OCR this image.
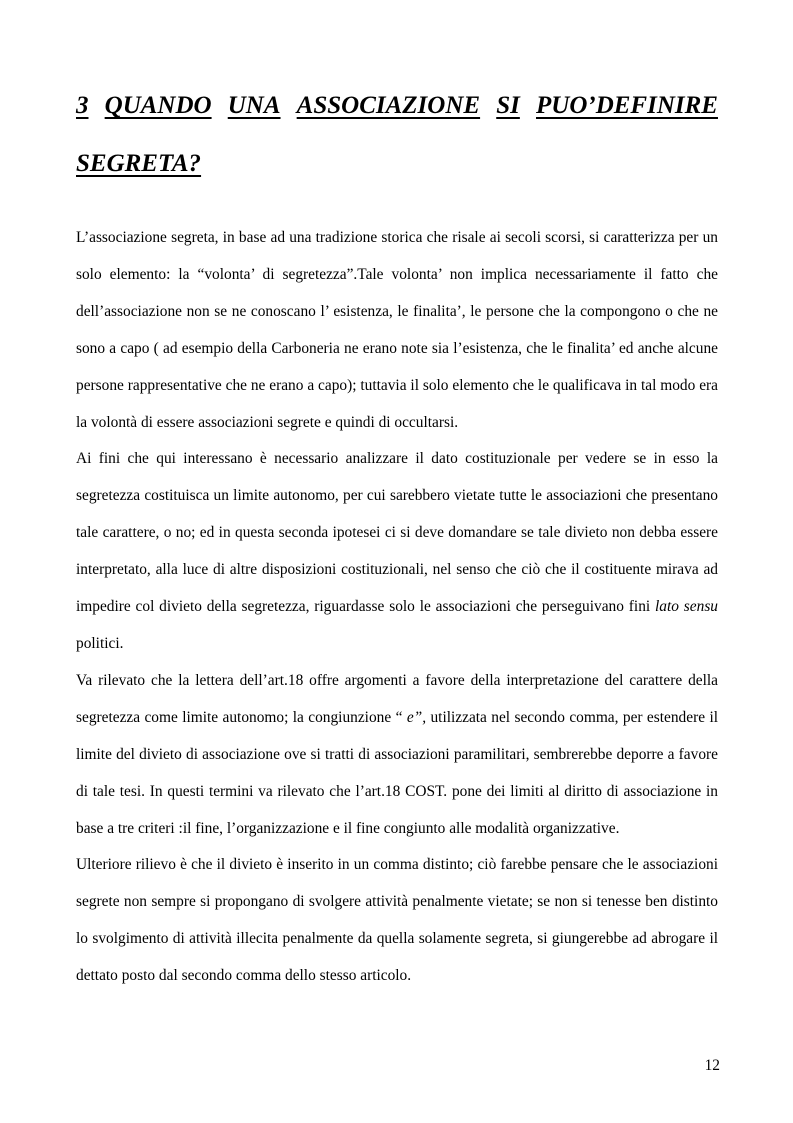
3 QUANDO UNA ASSOCIAZIONE SI PUO’DEFINIRE
SEGRETA?

L’associazione segreta, in base ad una tradizione storica che risale ai secoli scorsi, si caratterizza per un solo elemento: la “volonta’ di segretezza”.Tale volonta’ non implica necessariamente il fatto che dell’associazione non se ne conoscano l’ esistenza, le finalita’, le persone che la compongono o che ne sono a capo ( ad esempio della Carboneria ne erano note sia l’esistenza, che le finalita’ ed anche alcune persone rappresentative che ne erano a capo); tuttavia il solo elemento che le qualificava in tal modo era la volontà di essere associazioni segrete e quindi di occultarsi.

Ai fini che qui interessano è necessario analizzare il dato costituzionale per vedere se in esso la segretezza costituisca un limite autonomo, per cui sarebbero vietate tutte le associazioni che presentano tale carattere, o no; ed in questa seconda ipotesei ci si deve domandare se tale divieto non debba essere interpretato, alla luce di altre disposizioni costituzionali, nel senso che ciò che il costituente mirava ad impedire col divieto della segretezza, riguardasse solo le associazioni che perseguivano fini lato sensu politici.

Va rilevato che la lettera dell’art.18 offre argomenti a favore della interpretazione del carattere della segretezza come limite autonomo; la congiunzione “ e”, utilizzata nel secondo comma, per estendere il limite del divieto di associazione ove si tratti di associazioni paramilitari, sembrerebbe deporre a favore di tale tesi. In questi termini va rilevato che l’art.18 COST. pone dei limiti al diritto di associazione in base a tre criteri :il fine, l’organizzazione e il fine congiunto alle modalità organizzative.

Ulteriore rilievo è che il divieto è inserito in un comma distinto; ciò farebbe pensare che le associazioni segrete non sempre si propongano di svolgere attività penalmente vietate; se non si tenesse ben distinto lo svolgimento di attività illecita penalmente da quella solamente segreta, si giungerebbe ad abrogare il dettato posto dal secondo comma dello stesso articolo.

12
